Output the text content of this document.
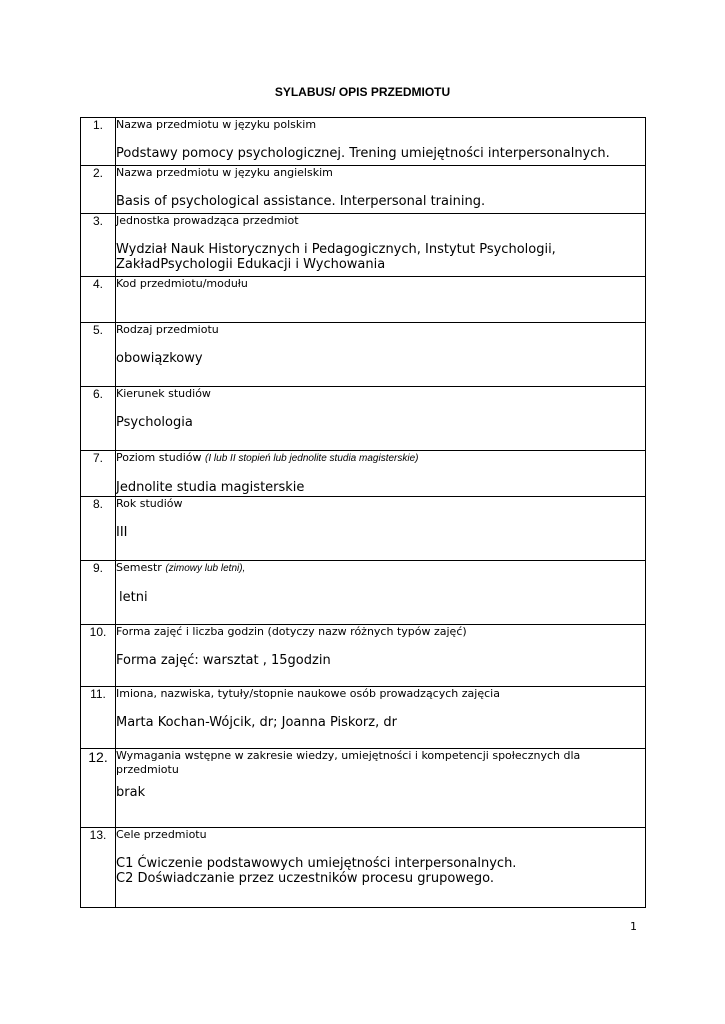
SYLABUS/ OPIS PRZEDMIOTU
1.	Nazwa przedmiotu w języku polskim
Podstawy pomocy psychologicznej. Trening umiejętności interpersonalnych.

2.	Nazwa przedmiotu w języku angielskim
Basis of psychological assistance. Interpersonal training.

3.	Jednostka prowadząca przedmiot
Wydział Nauk Historycznych i Pedagogicznych, Instytut Psychologii,
ZakładPsychologii Edukacji i Wychowania

4.	Kod przedmiotu/modułu

5.	Rodzaj przedmiotu
obowiązkowy

6.	Kierunek studiów
Psychologia

7.	Poziom studiów (I lub II stopień lub jednolite studia magisterskie)
Jednolite studia magisterskie

8.	Rok studiów
III

9.	Semestr (zimowy lub letni),
letni

10.	Forma zajęć i liczba godzin (dotyczy nazw różnych typów zajęć)
Forma zajęć: warsztat , 15godzin

11.	Imiona, nazwiska, tytuły/stopnie naukowe osób prowadzących zajęcia
Marta Kochan-Wójcik, dr; Joanna Piskorz, dr

12.	Wymagania wstępne w zakresie wiedzy, umiejętności i kompetencji społecznych dla przedmiotu
brak

13.	Cele przedmiotu
C1 Ćwiczenie podstawowych umiejętności interpersonalnych.
C2 Doświadczanie przez uczestników procesu grupowego.
1
